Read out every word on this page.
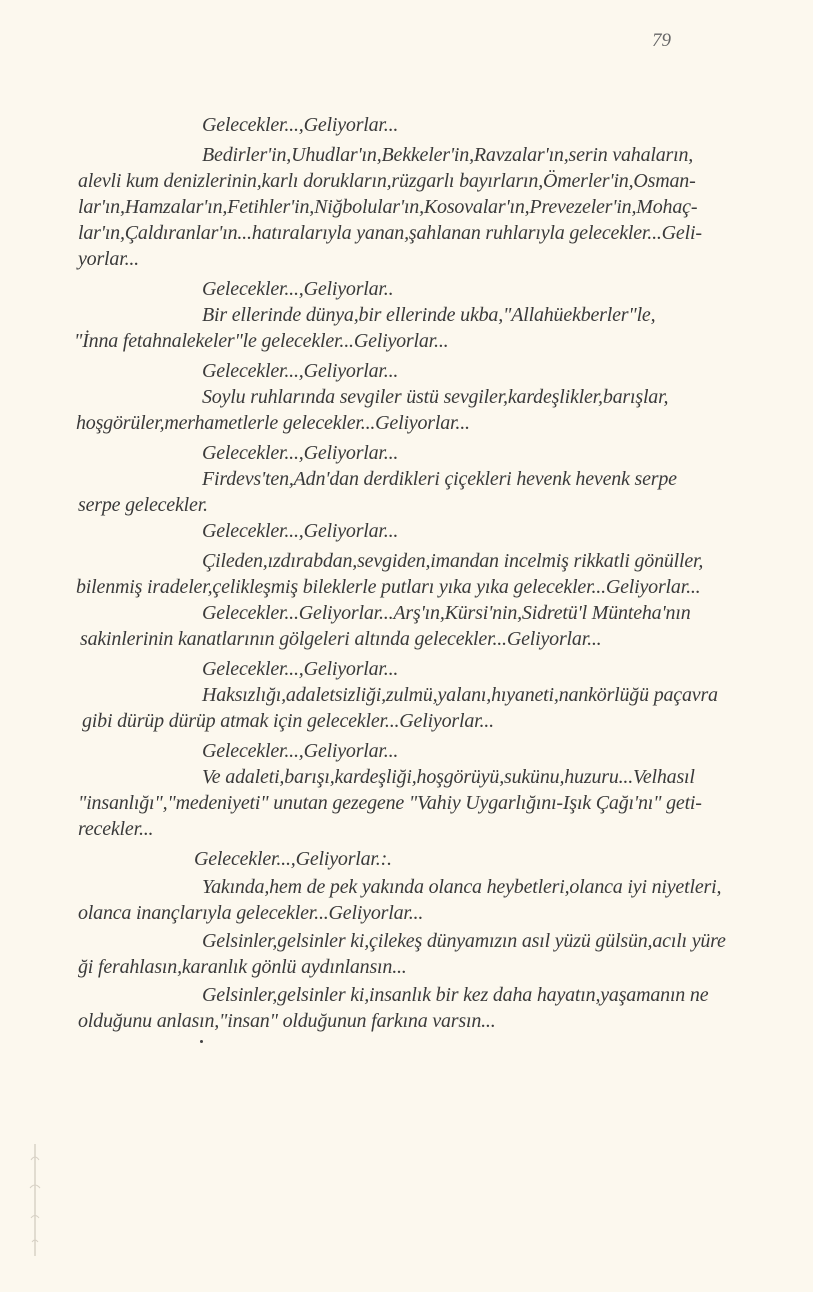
79
Gelecekler...,Geliyorlar...
Bedirler'in,Uhudlar'ın,Bekkeler'in,Ravzalar'ın,serin vahaların,
alevli kum denizlerinin,karlı dorukların,rüzgarlı bayırların,Ömerler'in,Osman-
lar'ın,Hamzalar'ın,Fetihler'in,Niğbolular'ın,Kosovalar'ın,Prevezeler'in,Mohaç-
lar'ın,Çaldıranlar'ın...hatıralarıyla yanan,şahlanan ruhlarıyla gelecekler...Geli-
yorlar...
Gelecekler...,Geliyorlar..
Bir ellerinde dünya,bir ellerinde ukba,"Allahüekberler"le,
"İnna fetahnalekeler"le gelecekler...Geliyorlar...
Gelecekler...,Geliyorlar...
Soylu ruhlarında sevgiler üstü sevgiler,kardeşlikler,barışlar,
hoşgörüler,merhametlerle gelecekler...Geliyorlar...
Gelecekler...,Geliyorlar...
Firdevs'ten,Adn'dan derdikleri çiçekleri hevenk hevenk serpe
serpe gelecekler.
Gelecekler...,Geliyorlar...
Çileden,ızdırabdan,sevgiden,imandan incelmiş rikkatli gönüller,
bilenmiş iradeler,çelikleşmiş bileklerle putları yıka yıka gelecekler...Geliyorlar...
Gelecekler...Geliyorlar...Arş'ın,Kürsi'nin,Sidretü'l Münteha'nın
sakinlerinin kanatlarının gölgeleri altında gelecekler...Geliyorlar...
Gelecekler...,Geliyorlar...
Haksızlığı,adaletsizliği,zulmü,yalanı,hıyaneti,nankörlüğü paçavra
gibi dürüp dürüp atmak için gelecekler...Geliyorlar...
Gelecekler...,Geliyorlar...
Ve adaleti,barışı,kardeşliği,hoşgörüyü,sukünu,huzuru...Velhasıl
"insanlığı","medeniyeti" unutan gezegene "Vahiy Uygarlığını-Işık Çağı'nı" geti-
recekler...
Gelecekler...,Geliyorlar.:.
Yakında,hem de pek yakında olanca heybetleri,olanca iyi niyetleri,
olanca inançlarıyla gelecekler...Geliyorlar...
Gelsinler,gelsinler ki,çilekeş dünyamızın asıl yüzü gülsün,acılı yüre
ği ferahlasın,karanlık gönlü aydınlansın...
Gelsinler,gelsinler ki,insanlık bir kez daha hayatın,yaşamanın ne
olduğunu anlasın,"insan" olduğunun farkına varsın...
